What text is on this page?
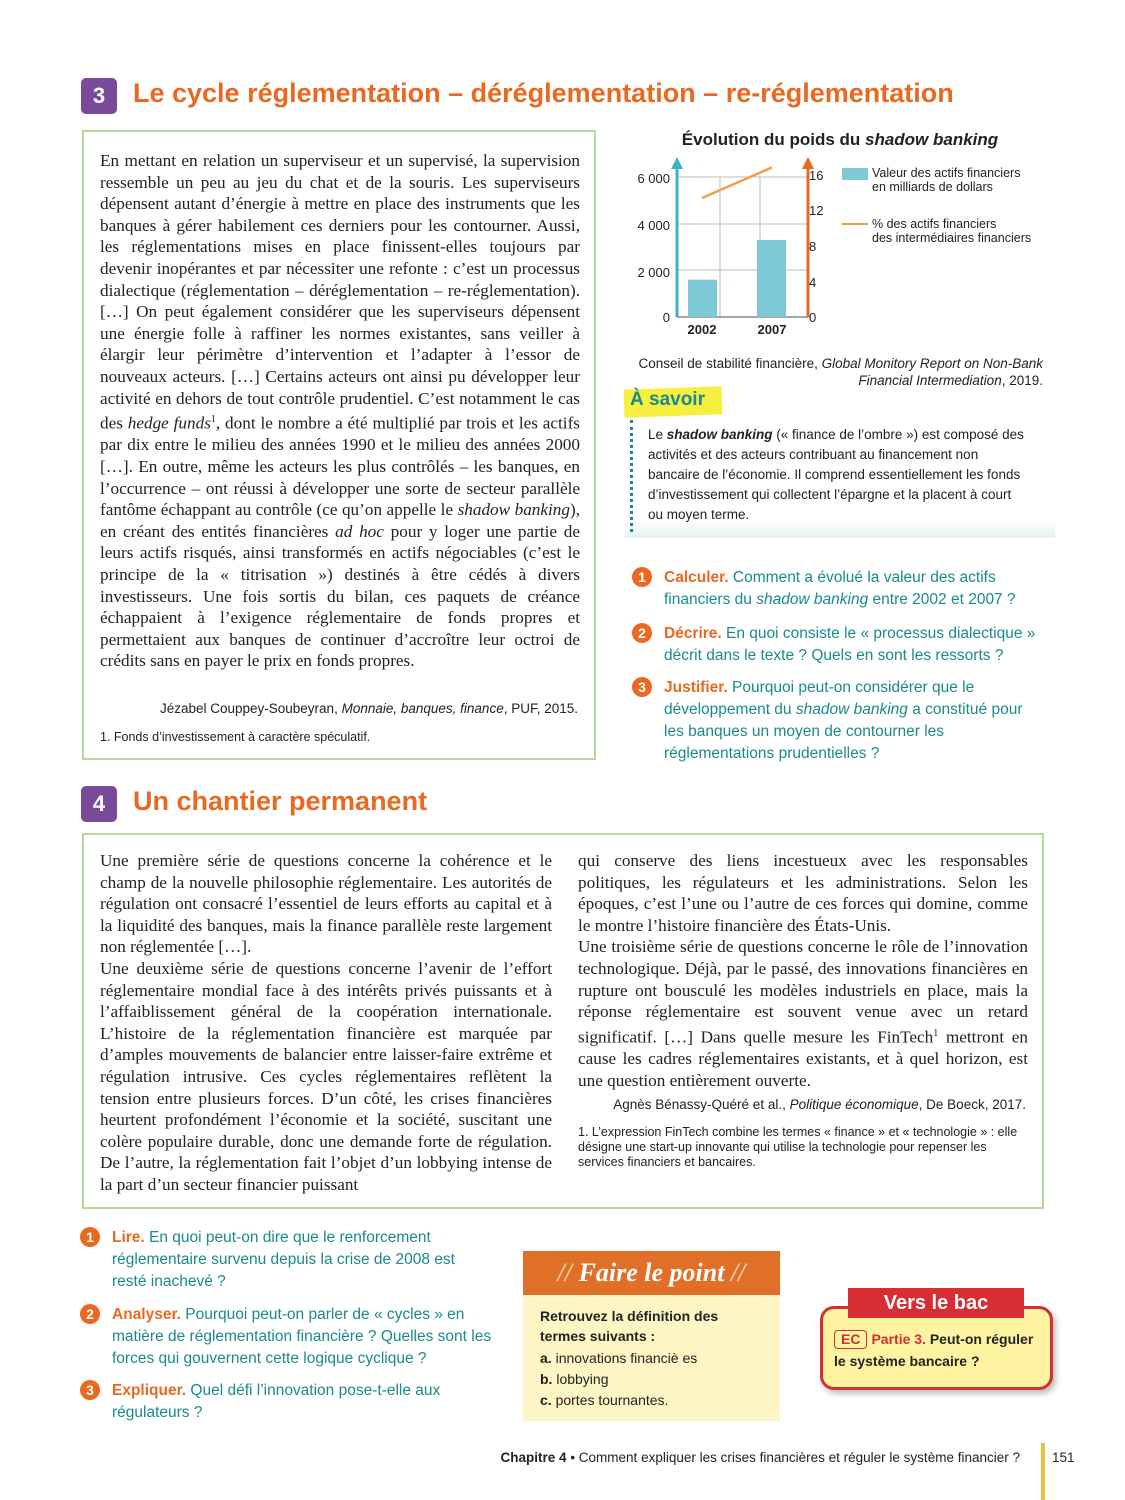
3	Le cycle réglementation – déréglementation – re-réglementation

En mettant en relation un superviseur et un supervisé, la supervision ressemble un peu au jeu du chat et de la souris. Les superviseurs dépensent autant d’énergie à mettre en place des instruments que les banques à gérer habilement ces derniers pour les contourner. Aussi, les réglementations mises en place finissent-elles toujours par devenir inopérantes et par nécessiter une refonte : c’est un processus dialectique (réglementation – déréglementation – re-réglementation). […] On peut également considérer que les superviseurs dépensent une énergie folle à raffiner les normes existantes, sans veiller à élargir leur périmètre d’intervention et l’adapter à l’essor de nouveaux acteurs. […] Certains acteurs ont ainsi pu développer leur activité en dehors de tout contrôle prudentiel. C’est notamment le cas des hedge funds$^1$, dont le nombre a été multiplié par trois et les actifs par dix entre le milieu des années 1990 et le milieu des années 2000 […]. En outre, même les acteurs les plus contrôlés – les banques, en l’occurrence – ont réussi à développer une sorte de secteur parallèle fantôme échappant au contrôle (ce qu’on appelle le shadow banking), en créant des entités financières ad hoc pour y loger une partie de leurs actifs risqués, ainsi transformés en actifs négociables (c’est le principe de la « titrisation ») destinés à être cédés à divers investisseurs. Une fois sortis du bilan, ces paquets de créance échappaient à l’exigence réglementaire de fonds propres et permettaient aux banques de continuer d’accroître leur octroi de crédits sans en payer le prix en fonds propres.

Jézabel Couppey-Soubeyran, Monnaie, banques, finance, PUF, 2015.
1. Fonds d’investissement à caractère spéculatif.
Évolution du poids du shadow banking
0
2 000
4 000
6 000
0
4
8
12
16
2002	2007
Valeur des actifs financiers
en milliards de dollars
% des actifs financiers
des intermédiaires financiers
Conseil de stabilité financière, Global Monitory Report on Non-Bank Financial Intermediation, 2019.
À savoir

Le shadow banking (« finance de l’ombre ») est composé des activités et des acteurs contribuant au financement non bancaire de l’économie. Il comprend essentiellement les fonds d’investissement qui collectent l’épargne et la placent à court ou moyen terme.

1	Calculer. Comment a évolué la valeur des actifs financiers du shadow banking entre 2002 et 2007 ?
2	Décrire. En quoi consiste le « processus dialectique » décrit dans le texte ? Quels en sont les ressorts ?
3	Justifier. Pourquoi peut-on considérer que le développement du shadow banking a constitué pour les banques un moyen de contourner les réglementations prudentielles ?
4	Un chantier permanent

Une première série de questions concerne la cohérence et le champ de la nouvelle philosophie réglementaire. Les autorités de régulation ont consacré l’essentiel de leurs efforts au capital et à la liquidité des banques, mais la finance parallèle reste largement non réglementée […].
Une deuxième série de questions concerne l’avenir de l’effort réglementaire mondial face à des intérêts privés puissants et à l’affaiblissement général de la coopération internationale. L’histoire de la réglementation financière est marquée par d’amples mouvements de balancier entre laisser-faire extrême et régulation intrusive. Ces cycles réglementaires reflètent la tension entre plusieurs forces. D’un côté, les crises financières heurtent profondément l’économie et la société, suscitant une colère populaire durable, donc une demande forte de régulation. De l’autre, la réglementation fait l’objet d’un lobbying intense de la part d’un secteur financier puissant

qui conserve des liens incestueux avec les responsables politiques, les régulateurs et les administrations. Selon les époques, c’est l’une ou l’autre de ces forces qui domine, comme le montre l’histoire financière des États-Unis.
Une troisième série de questions concerne le rôle de l’innovation technologique. Déjà, par le passé, des innovations financières en rupture ont bousculé les modèles industriels en place, mais la réponse réglementaire est souvent venue avec un retard significatif. […] Dans quelle mesure les FinTech$^1$ mettront en cause les cadres réglementaires existants, et à quel horizon, est une question entièrement ouverte.

Agnès Bénassy-Quéré et al., Politique économique, De Boeck, 2017.
1. L’expression FinTech combine les termes « finance » et « technologie » : elle désigne une start-up innovante qui utilise la technologie pour repenser les services financiers et bancaires.
1	Lire. En quoi peut-on dire que le renforcement réglementaire survenu depuis la crise de 2008 est resté inachevé ?
2	Analyser. Pourquoi peut-on parler de « cycles » en matière de réglementation financière ? Quelles sont les forces qui gouvernent cette logique cyclique ?
3	Expliquer. Quel défi l’innovation pose-t-elle aux régulateurs ?
// Faire le point //
Retrouvez la définition des termes suivants :
a. innovations financiè es
b. lobbying
c. portes tournantes.
Vers le bac
EC Partie 3. Peut-on réguler le système bancaire ?
Chapitre 4 • Comment expliquer les crises financières et réguler le système financier ? 151
